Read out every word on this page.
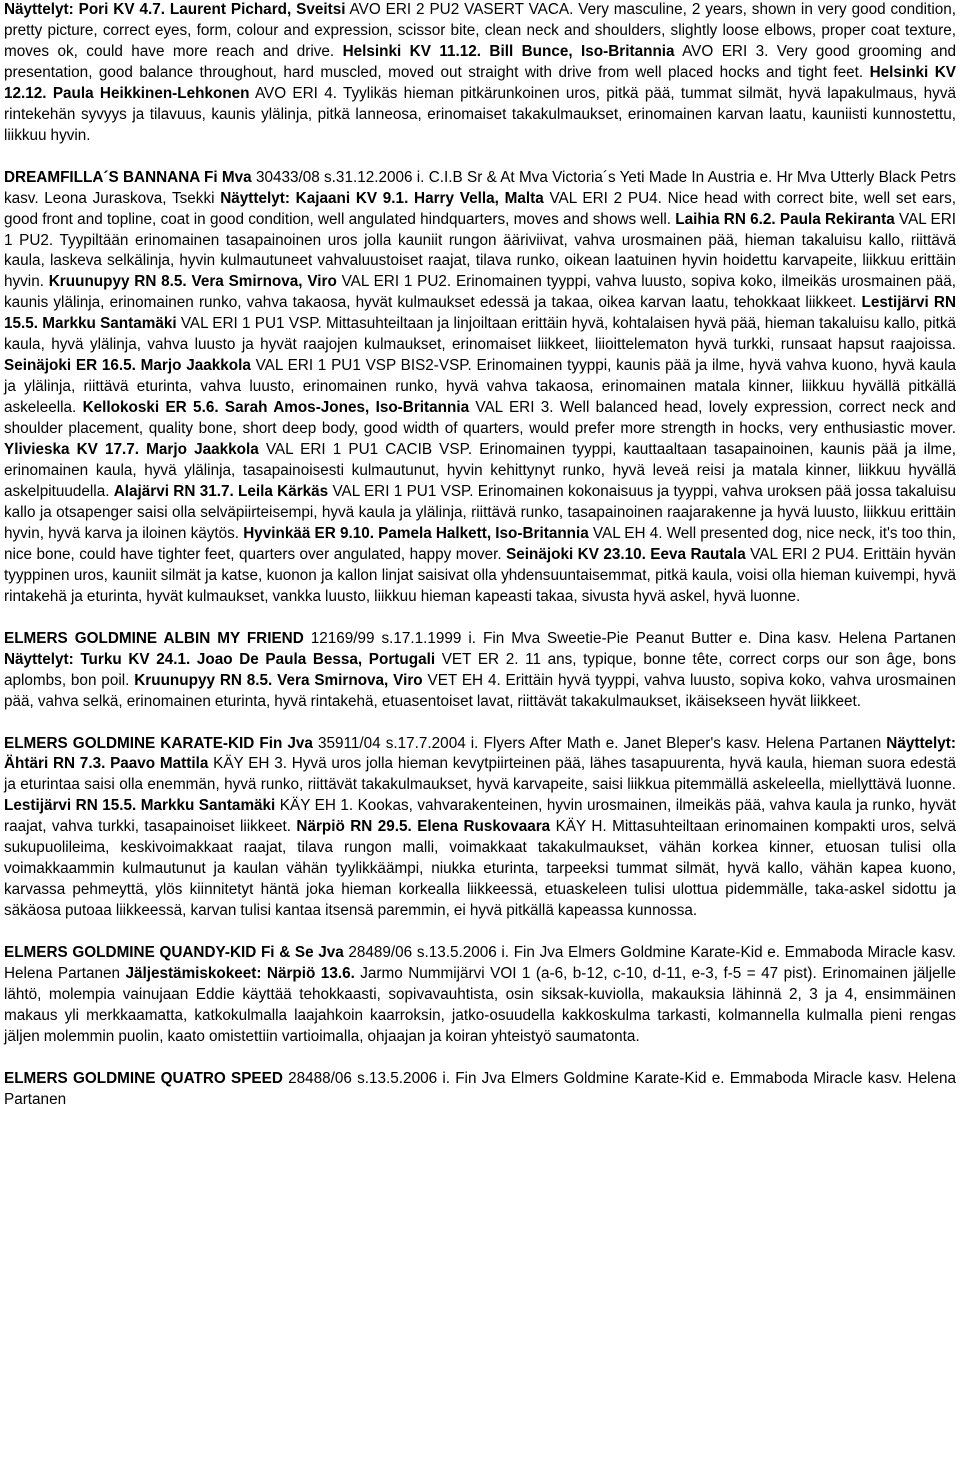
Näyttelyt: Pori KV 4.7. Laurent Pichard, Sveitsi AVO ERI 2 PU2 VASERT VACA. Very masculine, 2 years, shown in very good condition, pretty picture, correct eyes, form, colour and expression, scissor bite, clean neck and shoulders, slightly loose elbows, proper coat texture, moves ok, could have more reach and drive. Helsinki KV 11.12. Bill Bunce, Iso-Britannia AVO ERI 3. Very good grooming and presentation, good balance throughout, hard muscled, moved out straight with drive from well placed hocks and tight feet. Helsinki KV 12.12. Paula Heikkinen-Lehkonen AVO ERI 4. Tyylikäs hieman pitkärunkoinen uros, pitkä pää, tummat silmät, hyvä lapakulmaus, hyvä rintekehän syvyys ja tilavuus, kaunis ylälinja, pitkä lanneosa, erinomaiset takakulmaukset, erinomainen karvan laatu, kauniisti kunnostettu, liikkuu hyvin.

DREAMFILLA´S BANNANA Fi Mva 30433/08 s.31.12.2006 i. C.I.B Sr & At Mva Victoria´s Yeti Made In Austria e. Hr Mva Utterly Black Petrs kasv. Leona Juraskova, Tsekki Näyttelyt: Kajaani KV 9.1. Harry Vella, Malta VAL ERI 2 PU4. Nice head with correct bite, well set ears, good front and topline, coat in good condition, well angulated hindquarters, moves and shows well. Laihia RN 6.2. Paula Rekiranta VAL ERI 1 PU2. Tyypiltään erinomainen tasapainoinen uros jolla kauniit rungon ääriviivat, vahva urosmainen pää, hieman takaluisu kallo, riittävä kaula, laskeva selkälinja, hyvin kulmautuneet vahvaluustoiset raajat, tilava runko, oikean laatuinen hyvin hoidettu karvapeite, liikkuu erittäin hyvin. Kruunupyy RN 8.5. Vera Smirnova, Viro VAL ERI 1 PU2. Erinomainen tyyppi, vahva luusto, sopiva koko, ilmeikäs urosmainen pää, kaunis ylälinja, erinomainen runko, vahva takaosa, hyvät kulmaukset edessä ja takaa, oikea karvan laatu, tehokkaat liikkeet. Lestijärvi RN 15.5. Markku Santamäki VAL ERI 1 PU1 VSP. Mittasuhteiltaan ja linjoiltaan erittäin hyvä, kohtalaisen hyvä pää, hieman takaluisu kallo, pitkä kaula, hyvä ylälinja, vahva luusto ja hyvät raajojen kulmaukset, erinomaiset liikkeet, liioittelematon hyvä turkki, runsaat hapsut raajoissa. Seinäjoki ER 16.5. Marjo Jaakkola VAL ERI 1 PU1 VSP BIS2-VSP. Erinomainen tyyppi, kaunis pää ja ilme, hyvä vahva kuono, hyvä kaula ja ylälinja, riittävä eturinta, vahva luusto, erinomainen runko, hyvä vahva takaosa, erinomainen matala kinner, liikkuu hyvällä pitkällä askeleella. Kellokoski ER 5.6. Sarah Amos-Jones, Iso-Britannia VAL ERI 3. Well balanced head, lovely expression, correct neck and shoulder placement, quality bone, short deep body, good width of quarters, would prefer more strength in hocks, very enthusiastic mover. Ylivieska KV 17.7. Marjo Jaakkola VAL ERI 1 PU1 CACIB VSP. Erinomainen tyyppi, kauttaaltaan tasapainoinen, kaunis pää ja ilme, erinomainen kaula, hyvä ylälinja, tasapainoisesti kulmautunut, hyvin kehittynyt runko, hyvä leveä reisi ja matala kinner, liikkuu hyvällä askelpituudella. Alajärvi RN 31.7. Leila Kärkäs VAL ERI 1 PU1 VSP. Erinomainen kokonaisuus ja tyyppi, vahva uroksen pää jossa takaluisu kallo ja otsapenger saisi olla selväpiirteisempi, hyvä kaula ja ylälinja, riittävä runko, tasapainoinen raajarakenne ja hyvä luusto, liikkuu erittäin hyvin, hyvä karva ja iloinen käytös. Hyvinkää ER 9.10. Pamela Halkett, Iso-Britannia VAL EH 4. Well presented dog, nice neck, it's too thin, nice bone, could have tighter feet, quarters over angulated, happy mover. Seinäjoki KV 23.10. Eeva Rautala VAL ERI 2 PU4. Erittäin hyvän tyyppinen uros, kauniit silmät ja katse, kuonon ja kallon linjat saisivat olla yhdensuuntaisemmat, pitkä kaula, voisi olla hieman kuivempi, hyvä rintakehä ja eturinta, hyvät kulmaukset, vankka luusto, liikkuu hieman kapeasti takaa, sivusta hyvä askel, hyvä luonne.

ELMERS GOLDMINE ALBIN MY FRIEND 12169/99 s.17.1.1999 i. Fin Mva Sweetie-Pie Peanut Butter e. Dina kasv. Helena Partanen Näyttelyt: Turku KV 24.1. Joao De Paula Bessa, Portugali VET ER 2. 11 ans, typique, bonne tête, correct corps our son âge, bons aplombs, bon poil. Kruunupyy RN 8.5. Vera Smirnova, Viro VET EH 4. Erittäin hyvä tyyppi, vahva luusto, sopiva koko, vahva urosmainen pää, vahva selkä, erinomainen eturinta, hyvä rintakehä, etuasentoiset lavat, riittävät takakulmaukset, ikäisekseen hyvät liikkeet.

ELMERS GOLDMINE KARATE-KID Fin Jva 35911/04 s.17.7.2004 i. Flyers After Math e. Janet Bleper's kasv. Helena Partanen Näyttelyt: Ähtäri RN 7.3. Paavo Mattila KÄY EH 3. Hyvä uros jolla hieman kevytpiirteinen pää, lähes tasapuurenta, hyvä kaula, hieman suora edestä ja eturintaa saisi olla enemmän, hyvä runko, riittävät takakulmaukset, hyvä karvapeite, saisi liikkua pitemmällä askeleella, miellyttävä luonne. Lestijärvi RN 15.5. Markku Santamäki KÄY EH 1. Kookas, vahvarakenteinen, hyvin urosmainen, ilmeikäs pää, vahva kaula ja runko, hyvät raajat, vahva turkki, tasapainoiset liikkeet. Närpiö RN 29.5. Elena Ruskovaara KÄY H. Mittasuhteiltaan erinomainen kompakti uros, selvä sukupuolileima, keskivoimakkaat raajat, tilava rungon malli, voimakkaat takakulmaukset, vähän korkea kinner, etuosan tulisi olla voimakkaammin kulmautunut ja kaulan vähän tyylikkäämpi, niukka eturinta, tarpeeksi tummat silmät, hyvä kallo, vähän kapea kuono, karvassa pehmeyttä, ylös kiinnitetyt häntä joka hieman korkealla liikkeessä, etuaskeleen tulisi ulottua pidemmälle, taka-askel sidottu ja säkäosa putoaa liikkeessä, karvan tulisi kantaa itsensä paremmin, ei hyvä pitkällä kapeassa kunnossa.

ELMERS GOLDMINE QUANDY-KID Fi & Se Jva 28489/06 s.13.5.2006 i. Fin Jva Elmers Goldmine Karate-Kid e. Emmaboda Miracle kasv. Helena Partanen Jäljestämiskokeet: Närpiö 13.6. Jarmo Nummijärvi VOI 1 (a-6, b-12, c-10, d-11, e-3, f-5 = 47 pist). Erinomainen jäljelle lähtö, molempia vainujaan Eddie käyttää tehokkaasti, sopivavauhtista, osin siksak-kuviolla, makauksia lähinnä 2, 3 ja 4, ensimmäinen makaus yli merkkaamatta, katkokulmalla laajahkoin kaarroksin, jatko-osuudella kakkoskulma tarkasti, kolmannella kulmalla pieni rengas jäljen molemmin puolin, kaato omistettiin vartioimalla, ohjaajan ja koiran yhteistyö saumatonta.

ELMERS GOLDMINE QUATRO SPEED 28488/06 s.13.5.2006 i. Fin Jva Elmers Goldmine Karate-Kid e. Emmaboda Miracle kasv. Helena Partanen
